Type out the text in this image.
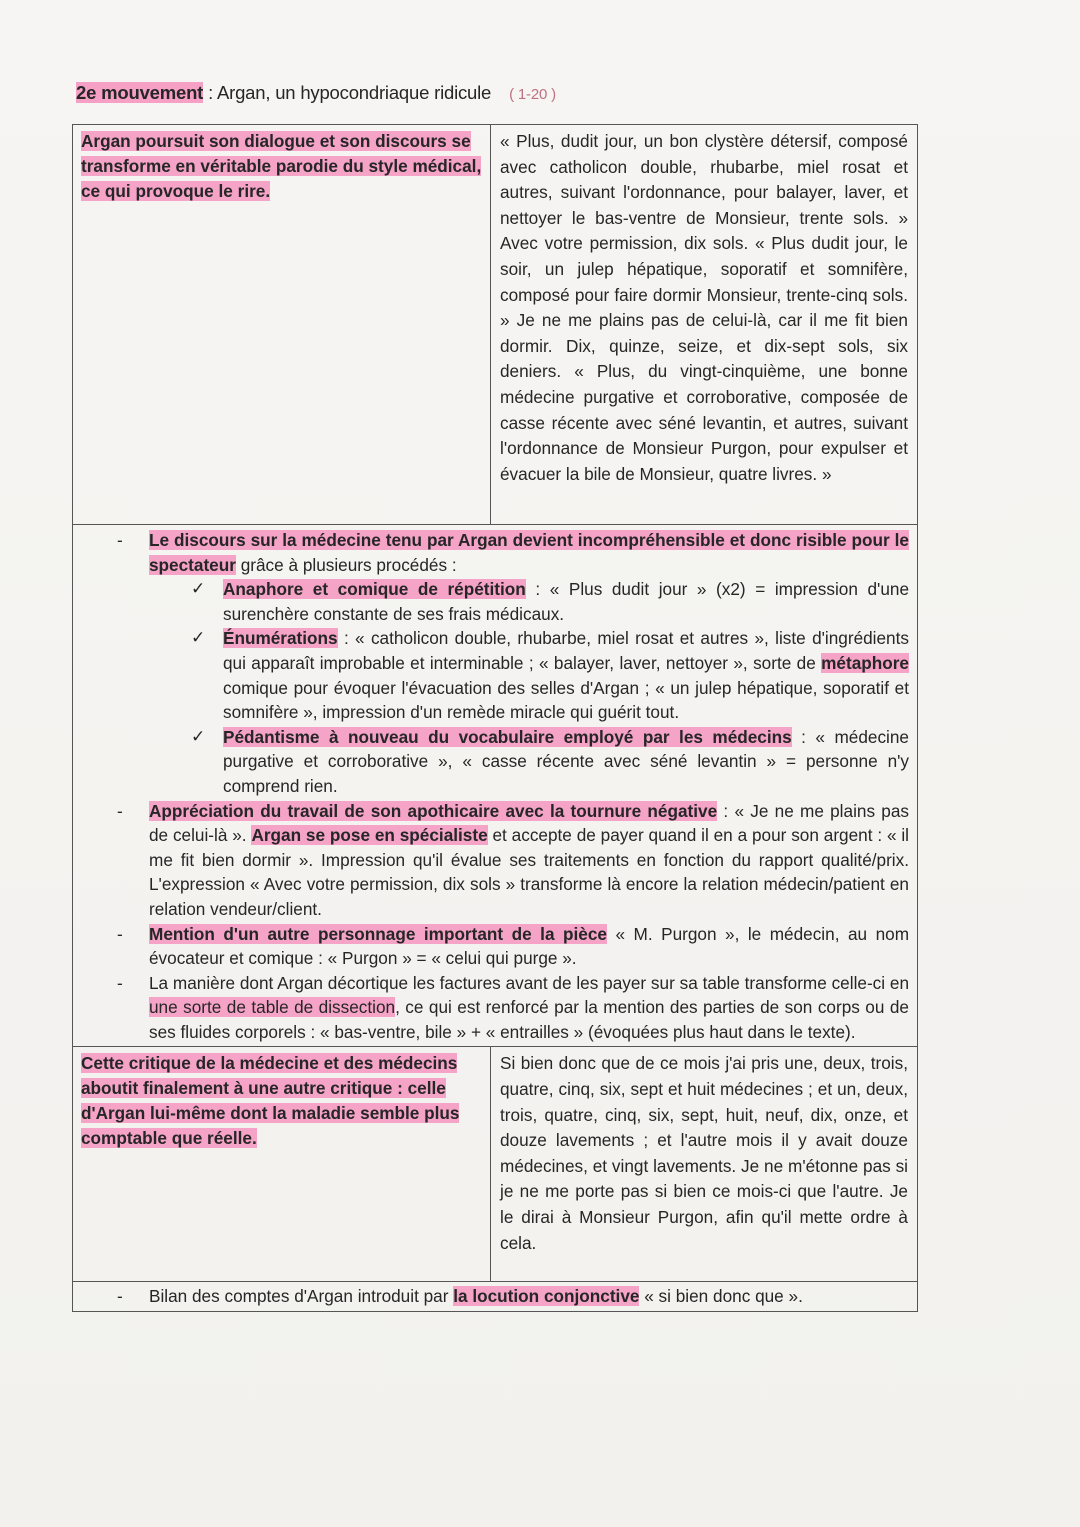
2e mouvement : Argan, un hypocondriaque ridicule ( 1-20 )
Argan poursuit son dialogue et son discours se transforme en véritable parodie du style médical, ce qui provoque le rire.
« Plus, dudit jour, un bon clystère détersif, composé avec catholicon double, rhubarbe, miel rosat et autres, suivant l'ordonnance, pour balayer, laver, et nettoyer le bas-ventre de Monsieur, trente sols. » Avec votre permission, dix sols. « Plus dudit jour, le soir, un julep hépatique, soporatif et somnifère, composé pour faire dormir Monsieur, trente-cinq sols. » Je ne me plains pas de celui-là, car il me fit bien dormir. Dix, quinze, seize, et dix-sept sols, six deniers. « Plus, du vingt-cinquième, une bonne médecine purgative et corroborative, composée de casse récente avec séné levantin, et autres, suivant l'ordonnance de Monsieur Purgon, pour expulser et évacuer la bile de Monsieur, quatre livres. »
- Le discours sur la médecine tenu par Argan devient incompréhensible et donc risible pour le spectateur grâce à plusieurs procédés :
✓ Anaphore et comique de répétition : « Plus dudit jour » (x2) = impression d'une surenchère constante de ses frais médicaux.
✓ Énumérations : « catholicon double, rhubarbe, miel rosat et autres », liste d'ingrédients qui apparaît improbable et interminable ; « balayer, laver, nettoyer », sorte de métaphore comique pour évoquer l'évacuation des selles d'Argan ; « un julep hépatique, soporatif et somnifère », impression d'un remède miracle qui guérit tout.
✓ Pédantisme à nouveau du vocabulaire employé par les médecins : « médecine purgative et corroborative », « casse récente avec séné levantin » = personne n'y comprend rien.
- Appréciation du travail de son apothicaire avec la tournure négative : « Je ne me plains pas de celui-là ». Argan se pose en spécialiste et accepte de payer quand il en a pour son argent : « il me fit bien dormir ». Impression qu'il évalue ses traitements en fonction du rapport qualité/prix. L'expression « Avec votre permission, dix sols » transforme là encore la relation médecin/patient en relation vendeur/client.
- Mention d'un autre personnage important de la pièce « M. Purgon », le médecin, au nom évocateur et comique : « Purgon » = « celui qui purge ».
- La manière dont Argan décortique les factures avant de les payer sur sa table transforme celle-ci en une sorte de table de dissection, ce qui est renforcé par la mention des parties de son corps ou de ses fluides corporels : « bas-ventre, bile » + « entrailles » (évoquées plus haut dans le texte).
Cette critique de la médecine et des médecins aboutit finalement à une autre critique : celle d'Argan lui-même dont la maladie semble plus comptable que réelle.
Si bien donc que de ce mois j'ai pris une, deux, trois, quatre, cinq, six, sept et huit médecines ; et un, deux, trois, quatre, cinq, six, sept, huit, neuf, dix, onze, et douze lavements ; et l'autre mois il y avait douze médecines, et vingt lavements. Je ne m'étonne pas si je ne me porte pas si bien ce mois-ci que l'autre. Je le dirai à Monsieur Purgon, afin qu'il mette ordre à cela.
- Bilan des comptes d'Argan introduit par la locution conjonctive « si bien donc que ».
